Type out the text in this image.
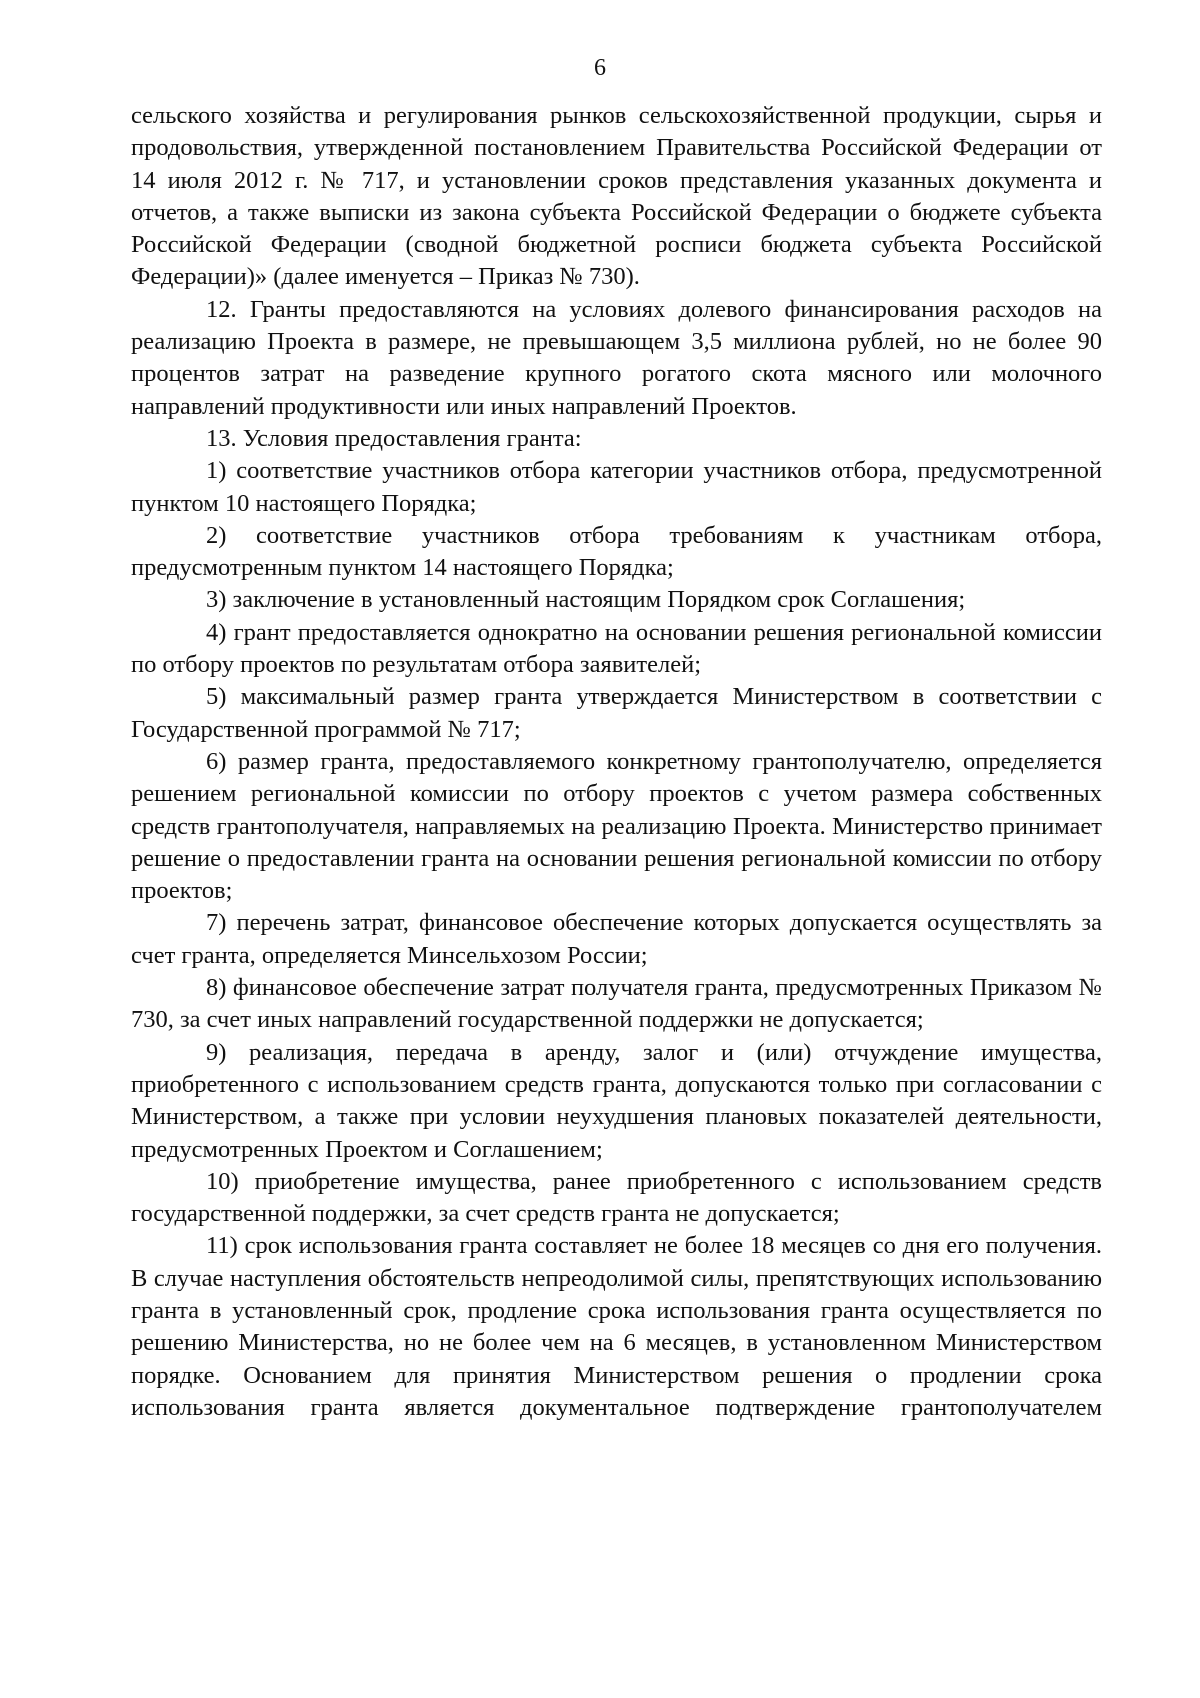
6

сельского хозяйства и регулирования рынков сельскохозяйственной продукции, сырья и продовольствия, утвержденной постановлением Правительства Российской Федерации от 14 июля 2012 г. № 717, и установлении сроков представления указанных документа и отчетов, а также выписки из закона субъекта Российской Федерации о бюджете субъекта Российской Федерации (сводной бюджетной росписи бюджета субъекта Российской Федерации)» (далее именуется – Приказ № 730).

12. Гранты предоставляются на условиях долевого финансирования расходов на реализацию Проекта в размере, не превышающем 3,5 миллиона рублей, но не более 90 процентов затрат на разведение крупного рогатого скота мясного или молочного направлений продуктивности или иных направлений Проектов.

13. Условия предоставления гранта:

1) соответствие участников отбора категории участников отбора, предусмотренной пунктом 10 настоящего Порядка;

2) соответствие участников отбора требованиям к участникам отбора, предусмотренным пунктом 14 настоящего Порядка;

3) заключение в установленный настоящим Порядком срок Соглашения;

4) грант предоставляется однократно на основании решения региональной комиссии по отбору проектов по результатам отбора заявителей;

5) максимальный размер гранта утверждается Министерством в соответствии с Государственной программой № 717;

6) размер гранта, предоставляемого конкретному грантополучателю, определяется решением региональной комиссии по отбору проектов с учетом размера собственных средств грантополучателя, направляемых на реализацию Проекта. Министерство принимает решение о предоставлении гранта на основании решения региональной комиссии по отбору проектов;

7) перечень затрат, финансовое обеспечение которых допускается осуществлять за счет гранта, определяется Минсельхозом России;

8) финансовое обеспечение затрат получателя гранта, предусмотренных Приказом № 730, за счет иных направлений государственной поддержки не допускается;

9) реализация, передача в аренду, залог и (или) отчуждение имущества, приобретенного с использованием средств гранта, допускаются только при согласовании с Министерством, а также при условии неухудшения плановых показателей деятельности, предусмотренных Проектом и Соглашением;

10) приобретение имущества, ранее приобретенного с использованием средств государственной поддержки, за счет средств гранта не допускается;

11) срок использования гранта составляет не более 18 месяцев со дня его получения. В случае наступления обстоятельств непреодолимой силы, препятствующих использованию гранта в установленный срок, продление срока использования гранта осуществляется по решению Министерства, но не более чем на 6 месяцев, в установленном Министерством порядке. Основанием для принятия Министерством решения о продлении срока использования гранта является документальное подтверждение грантополучателем
